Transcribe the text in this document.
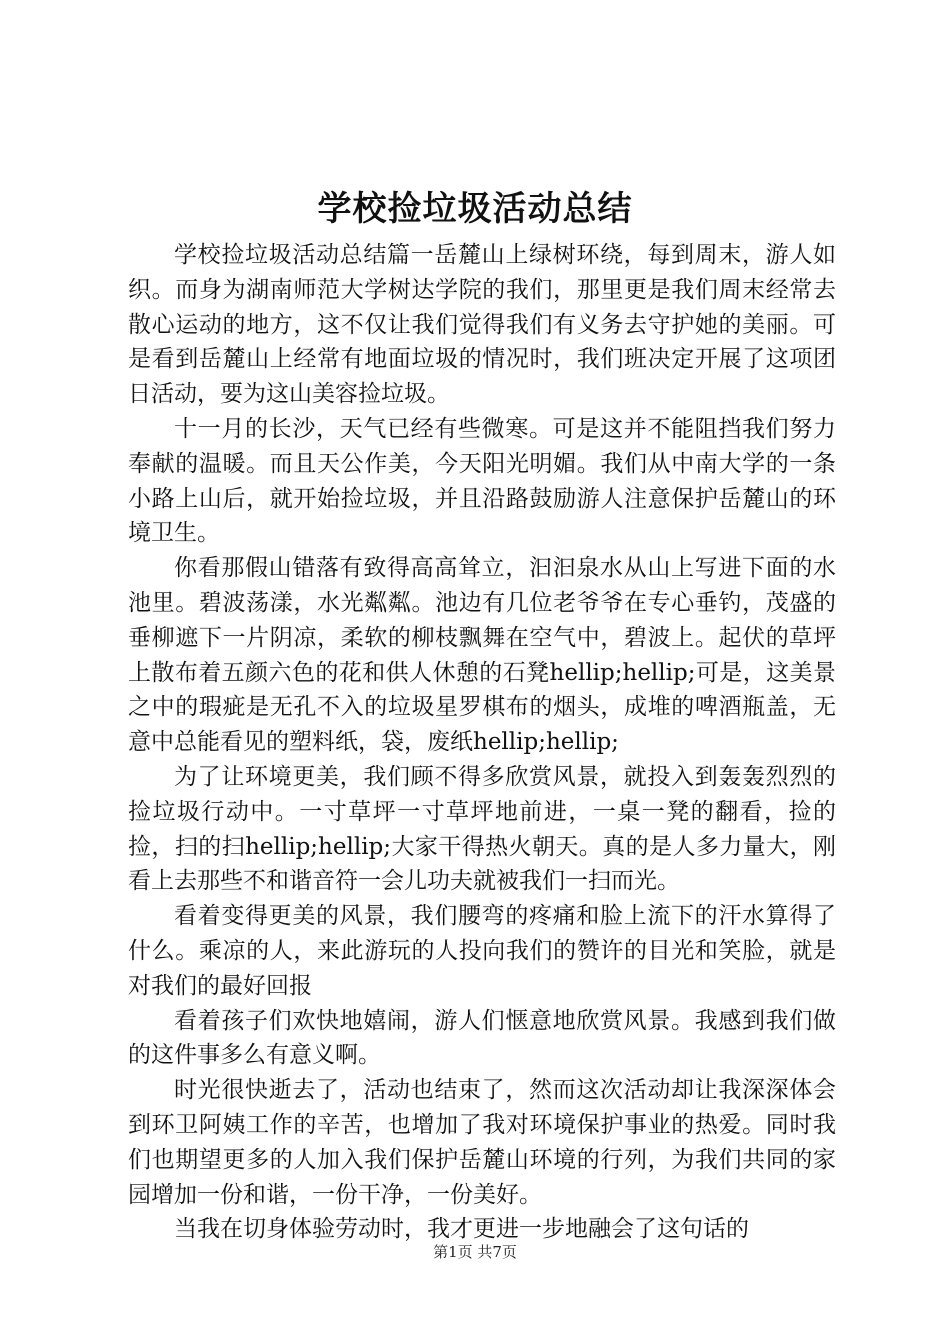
学校捡垃圾活动总结

学校捡垃圾活动总结篇一岳麓山上绿树环绕，每到周末，游人如织。而身为湖南师范大学树达学院的我们，那里更是我们周末经常去散心运动的地方，这不仅让我们觉得我们有义务去守护她的美丽。可是看到岳麓山上经常有地面垃圾的情况时，我们班决定开展了这项团日活动，要为这山美容捡垃圾。

十一月的长沙，天气已经有些微寒。可是这并不能阻挡我们努力奉献的温暖。而且天公作美，今天阳光明媚。我们从中南大学的一条小路上山后，就开始捡垃圾，并且沿路鼓励游人注意保护岳麓山的环境卫生。

你看那假山错落有致得高高耸立，汩汩泉水从山上写进下面的水池里。碧波荡漾，水光粼粼。池边有几位老爷爷在专心垂钓，茂盛的垂柳遮下一片阴凉，柔软的柳枝飘舞在空气中，碧波上。起伏的草坪上散布着五颜六色的花和供人休憩的石凳hellip;hellip;可是，这美景之中的瑕疵是无孔不入的垃圾星罗棋布的烟头，成堆的啤酒瓶盖，无意中总能看见的塑料纸，袋，废纸hellip;hellip;

为了让环境更美，我们顾不得多欣赏风景，就投入到轰轰烈烈的捡垃圾行动中。一寸草坪一寸草坪地前进，一桌一凳的翻看，捡的捡，扫的扫hellip;hellip;大家干得热火朝天。真的是人多力量大，刚看上去那些不和谐音符一会儿功夫就被我们一扫而光。

看着变得更美的风景，我们腰弯的疼痛和脸上流下的汗水算得了什么。乘凉的人，来此游玩的人投向我们的赞许的目光和笑脸，就是对我们的最好回报

看着孩子们欢快地嬉闹，游人们惬意地欣赏风景。我感到我们做的这件事多么有意义啊。

时光很快逝去了，活动也结束了，然而这次活动却让我深深体会到环卫阿姨工作的辛苦，也增加了我对环境保护事业的热爱。同时我们也期望更多的人加入我们保护岳麓山环境的行列，为我们共同的家园增加一份和谐，一份干净，一份美好。

当我在切身体验劳动时，我才更进一步地融会了这句话的

第1页 共7页
